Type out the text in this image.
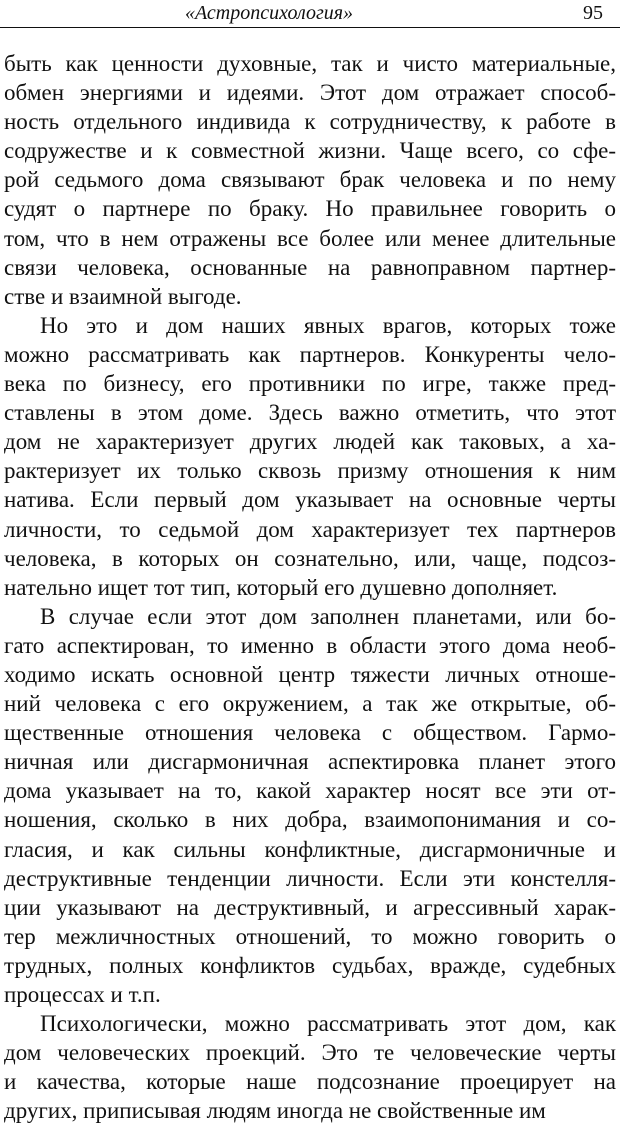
«Астропсихология»	95
быть как ценности духовные, так и чисто материальные,
обмен энергиями и идеями. Этот дом отражает способ-
ность отдельного индивида к сотрудничеству, к работе в
содружестве и к совместной жизни. Чаще всего, со сфе-
рой седьмого дома связывают брак человека и по нему
судят о партнере по браку. Но правильнее говорить о
том, что в нем отражены все более или менее длительные
связи человека, основанные на равноправном партнер-
стве и взаимной выгоде.
Но это и дом наших явных врагов, которых тоже
можно рассматривать как партнеров. Конкуренты чело-
века по бизнесу, его противники по игре, также пред-
ставлены в этом доме. Здесь важно отметить, что этот
дом не характеризует других людей как таковых, а ха-
рактеризует их только сквозь призму отношения к ним
натива. Если первый дом указывает на основные черты
личности, то седьмой дом характеризует тех партнеров
человека, в которых он сознательно, или, чаще, подсоз-
нательно ищет тот тип, который его душевно дополняет.
В случае если этот дом заполнен планетами, или бо-
гато аспектирован, то именно в области этого дома необ-
ходимо искать основной центр тяжести личных отноше-
ний человека с его окружением, а так же открытые, об-
щественные отношения человека с обществом. Гармо-
ничная или дисгармоничная аспектировка планет этого
дома указывает на то, какой характер носят все эти от-
ношения, сколько в них добра, взаимопонимания и со-
гласия, и как сильны конфликтные, дисгармоничные и
деструктивные тенденции личности. Если эти констелля-
ции указывают на деструктивный, и агрессивный харак-
тер межличностных отношений, то можно говорить о
трудных, полных конфликтов судьбах, вражде, судебных
процессах и т.п.
Психологически, можно рассматривать этот дом, как
дом человеческих проекций. Это те человеческие черты
и качества, которые наше подсознание проецирует на
других, приписывая людям иногда не свойственные им
